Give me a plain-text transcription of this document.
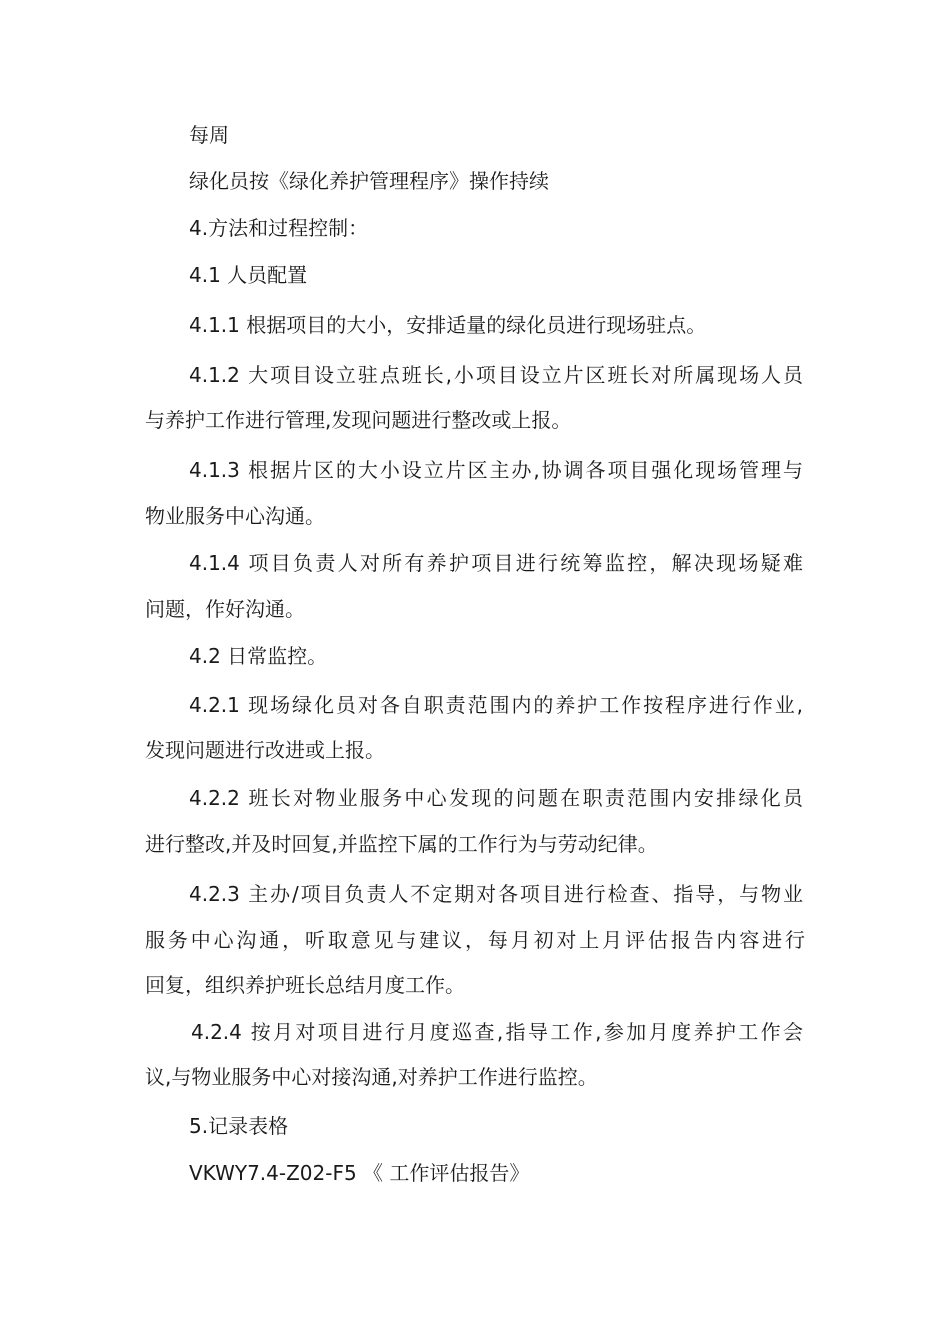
每周
绿化员按《绿化养护管理程序》操作持续
4.方法和过程控制：
4.1 人员配置
4.1.1 根据项目的大小，安排适量的绿化员进行现场驻点。
4.1.2 大项目设立驻点班长,小项目设立片区班长对所属现场人员
与养护工作进行管理,发现问题进行整改或上报。
4.1.3 根据片区的大小设立片区主办,协调各项目强化现场管理与
物业服务中心沟通。
4.1.4 项目负责人对所有养护项目进行统筹监控，解决现场疑难
问题，作好沟通。
4.2 日常监控。
4.2.1 现场绿化员对各自职责范围内的养护工作按程序进行作业,
发现问题进行改进或上报。
4.2.2 班长对物业服务中心发现的问题在职责范围内安排绿化员
进行整改,并及时回复,并监控下属的工作行为与劳动纪律。
4.2.3 主办/项目负责人不定期对各项目进行检查、指导，与物业
服务中心沟通，听取意见与建议，每月初对上月评估报告内容进行
回复，组织养护班长总结月度工作。
4.2.4 按月对项目进行月度巡查,指导工作,参加月度养护工作会
议,与物业服务中心对接沟通,对养护工作进行监控。
5.记录表格
VKWY7.4-Z02-F5 《 工作评估报告》
